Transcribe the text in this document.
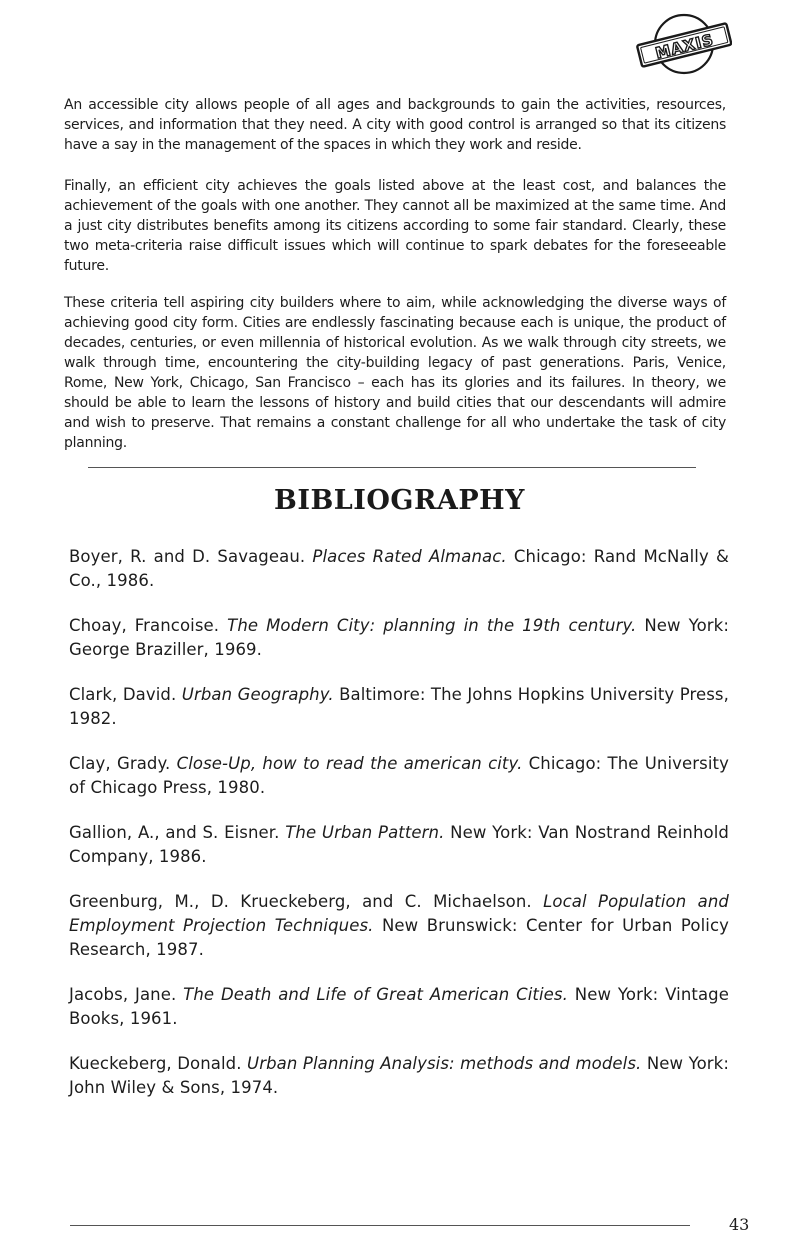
MAXIS

An accessible city allows people of all ages and backgrounds to gain the activities, resources, services, and information that they need. A city with good control is arranged so that its citizens have a say in the management of the spaces in which they work and reside.

Finally, an efficient city achieves the goals listed above at the least cost, and balances the achievement of the goals with one another. They cannot all be maximized at the same time. And a just city distributes benefits among its citizens according to some fair standard. Clearly, these two meta-criteria raise difficult issues which will continue to spark debates for the foreseeable future.

These criteria tell aspiring city builders where to aim, while acknowledging the diverse ways of achieving good city form. Cities are endlessly fascinating because each is unique, the product of decades, centuries, or even millennia of historical evolution. As we walk through city streets, we walk through time, encountering the city-building legacy of past generations. Paris, Venice, Rome, New York, Chicago, San Francisco – each has its glories and its failures. In theory, we should be able to learn the lessons of history and build cities that our descendants will admire and wish to preserve. That remains a constant challenge for all who undertake the task of city planning.

BIBLIOGRAPHY
Boyer, R. and D. Savageau. Places Rated Almanac. Chicago: Rand McNally & Co., 1986.
Choay, Francoise. The Modern City: planning in the 19th century. New York: George Braziller, 1969.
Clark, David. Urban Geography. Baltimore: The Johns Hopkins University Press, 1982.
Clay, Grady. Close-Up, how to read the american city. Chicago: The University of Chicago Press, 1980.
Gallion, A., and S. Eisner. The Urban Pattern. New York: Van Nostrand Reinhold Company, 1986.
Greenburg, M., D. Krueckeberg, and C. Michaelson. Local Population and Employment Projection Techniques. New Brunswick: Center for Urban Policy Research, 1987.
Jacobs, Jane. The Death and Life of Great American Cities. New York: Vintage Books, 1961.
Kueckeberg, Donald. Urban Planning Analysis: methods and models. New York: John Wiley & Sons, 1974.
43
